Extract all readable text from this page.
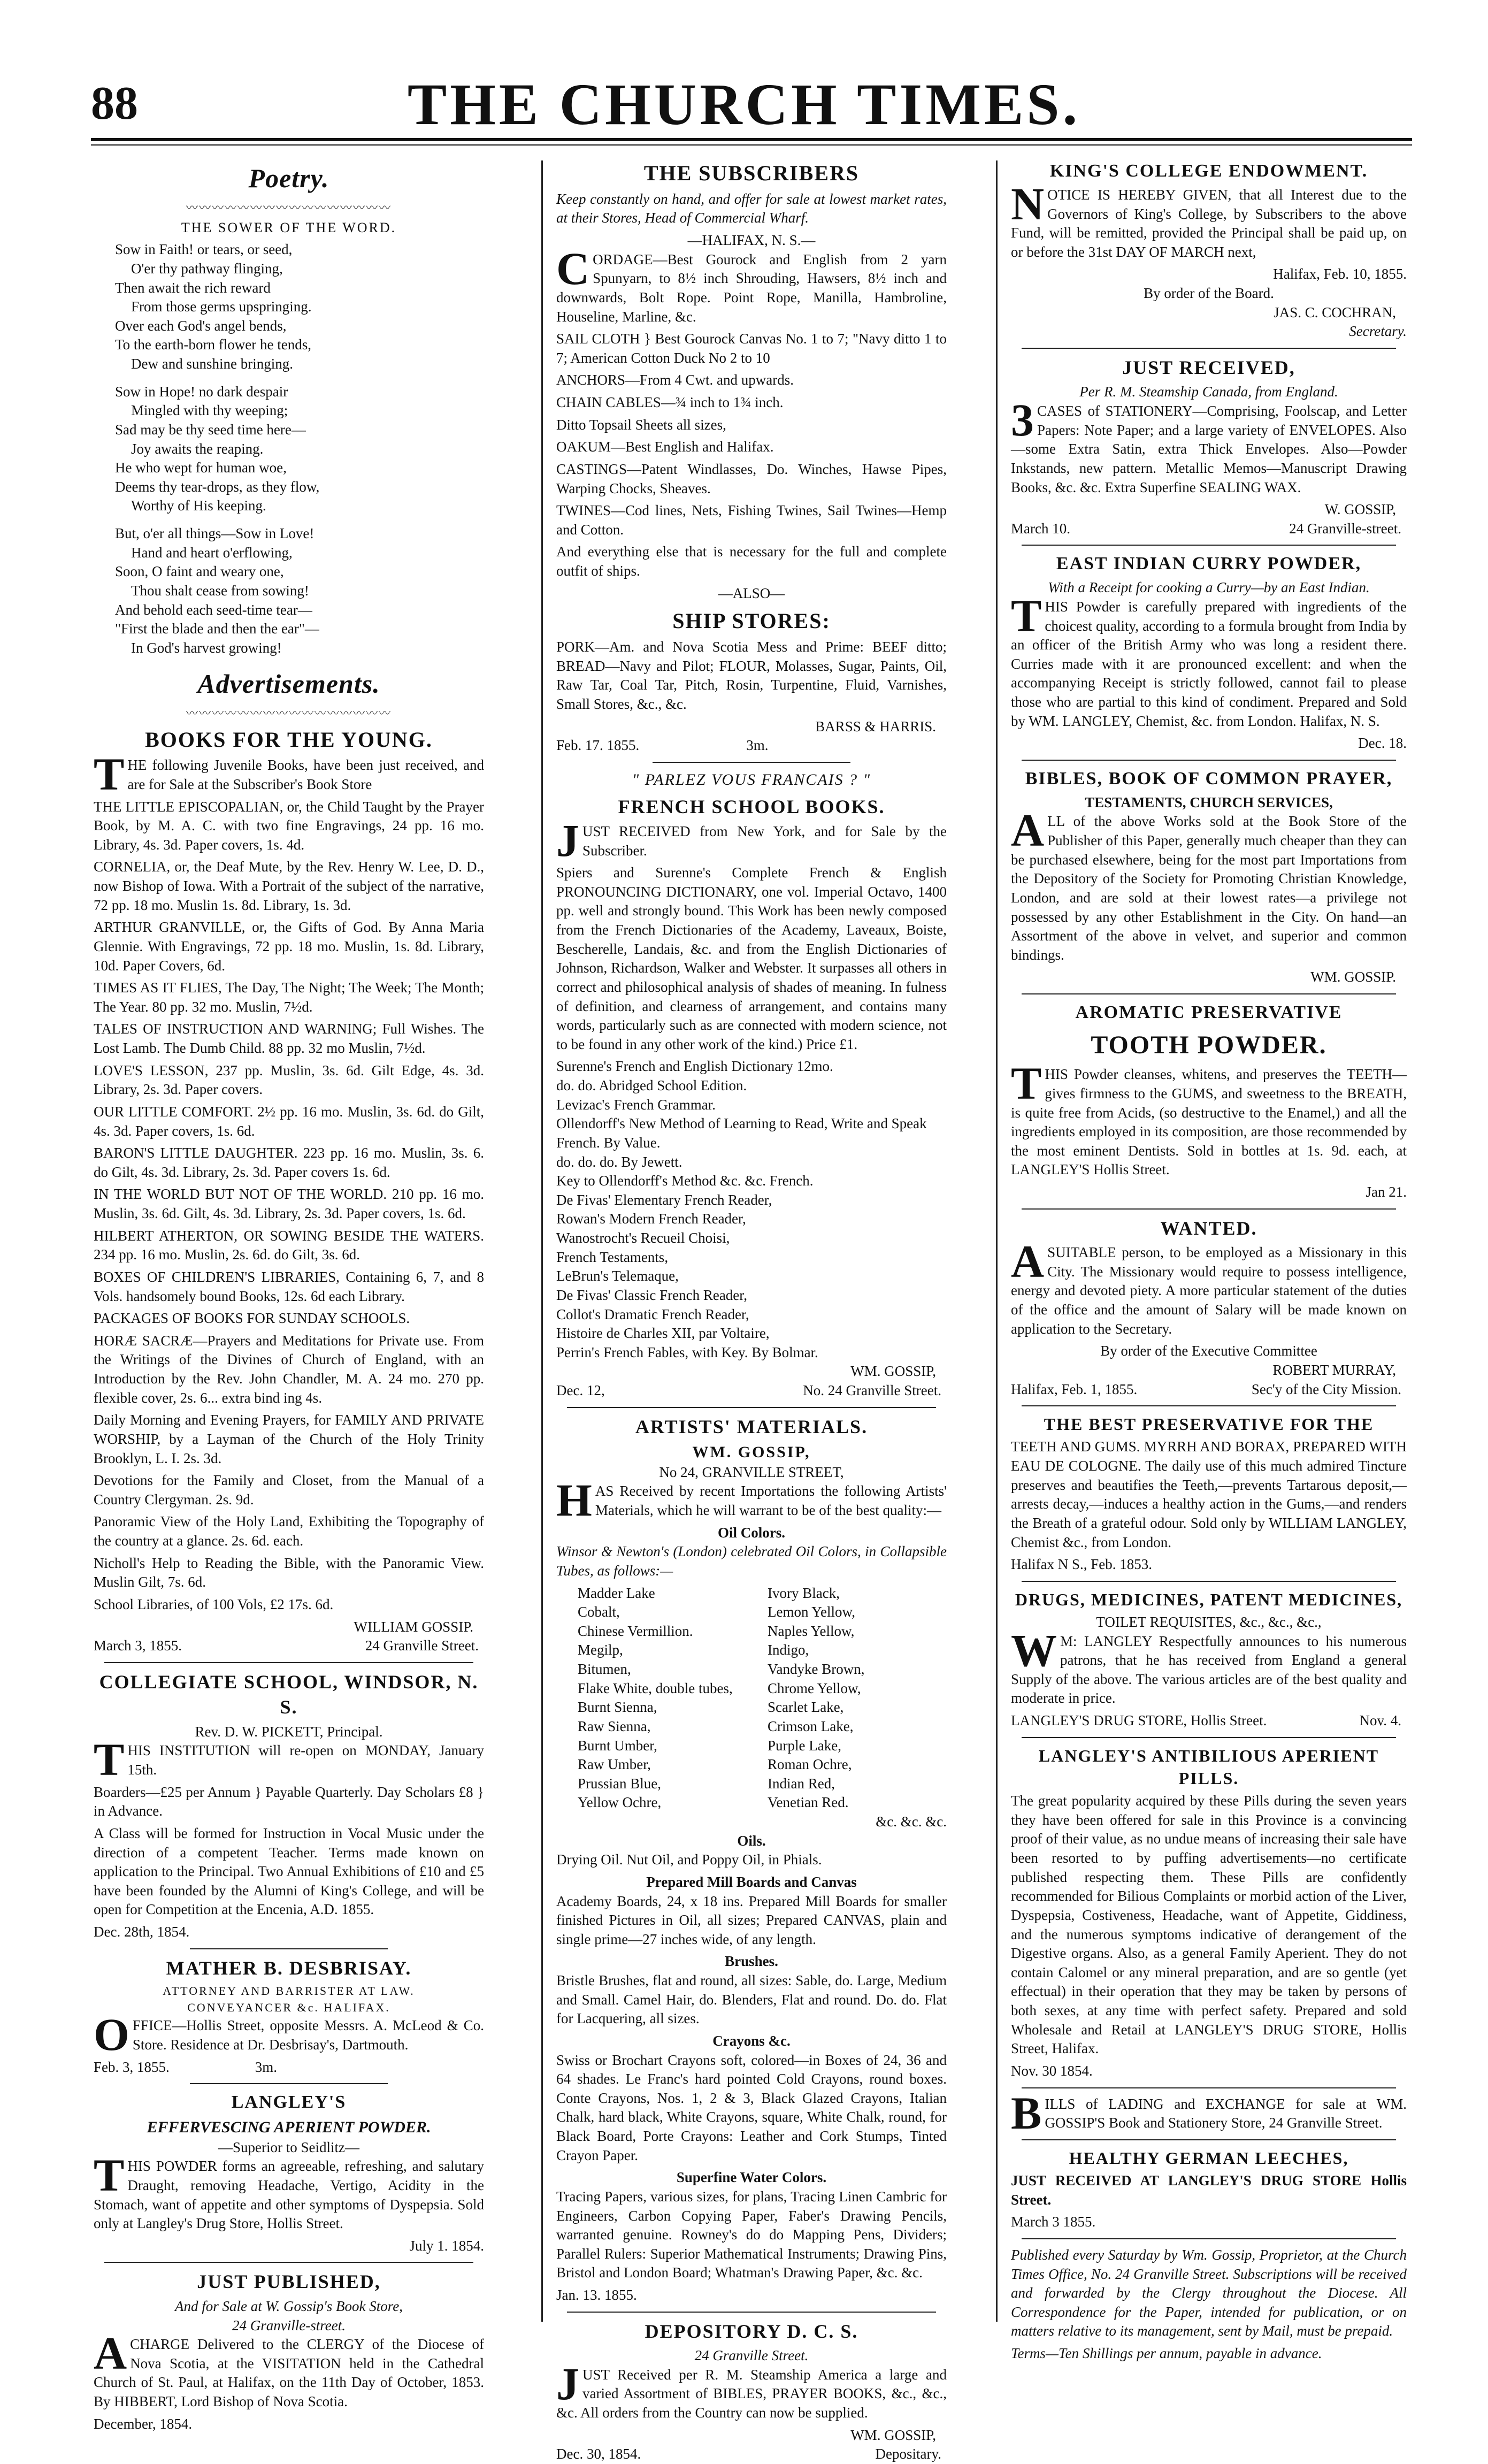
88	THE CHURCH TIMES.
Poetry.
〰〰〰〰〰〰〰〰〰〰〰〰〰〰〰〰
THE SOWER OF THE WORD.

Sow in Faith! or tears, or seed,

O'er thy pathway flinging,

Then await the rich reward

From those germs upspringing.

Over each God's angel bends,

To the earth-born flower he tends,

Dew and sunshine bringing.

Sow in Hope! no dark despair

Mingled with thy weeping;

Sad may be thy seed time here—

Joy awaits the reaping.

He who wept for human woe,

Deems thy tear-drops, as they flow,

Worthy of His keeping.

But, o'er all things—Sow in Love!

Hand and heart o'erflowing,

Soon, O faint and weary one,

Thou shalt cease from sowing!

And behold each seed-time tear—

"First the blade and then the ear"—

In God's harvest growing!

Advertisements.
〰〰〰〰〰〰〰〰〰〰〰〰〰〰〰〰
BOOKS FOR THE YOUNG.

THE following Juvenile Books, have been just received, and are for Sale at the Subscriber's Book Store

THE LITTLE EPISCOPALIAN, or, the Child Taught by the Prayer Book, by M. A. C. with two fine Engravings, 24 pp. 16 mo. Library, 4s. 3d. Paper covers, 1s. 4d.

CORNELIA, or, the Deaf Mute, by the Rev. Henry W. Lee, D. D., now Bishop of Iowa. With a Portrait of the subject of the narrative, 72 pp. 18 mo. Muslin 1s. 8d. Library, 1s. 3d.

ARTHUR GRANVILLE, or, the Gifts of God. By Anna Maria Glennie. With Engravings, 72 pp. 18 mo. Muslin, 1s. 8d. Library, 10d. Paper Covers, 6d.

TIMES AS IT FLIES, The Day, The Night; The Week; The Month; The Year. 80 pp. 32 mo. Muslin, 7½d.

TALES OF INSTRUCTION AND WARNING; Full Wishes. The Lost Lamb. The Dumb Child. 88 pp. 32 mo Muslin, 7½d.

LOVE'S LESSON, 237 pp. Muslin, 3s. 6d. Gilt Edge, 4s. 3d. Library, 2s. 3d. Paper covers.

OUR LITTLE COMFORT. 2½ pp. 16 mo. Muslin, 3s. 6d. do Gilt, 4s. 3d. Paper covers, 1s. 6d.

BARON'S LITTLE DAUGHTER. 223 pp. 16 mo. Muslin, 3s. 6. do Gilt, 4s. 3d. Library, 2s. 3d. Paper covers 1s. 6d.

IN THE WORLD BUT NOT OF THE WORLD. 210 pp. 16 mo. Muslin, 3s. 6d. Gilt, 4s. 3d. Library, 2s. 3d. Paper covers, 1s. 6d.

HILBERT ATHERTON, OR SOWING BESIDE THE WATERS. 234 pp. 16 mo. Muslin, 2s. 6d. do Gilt, 3s. 6d.

BOXES OF CHILDREN'S LIBRARIES, Containing 6, 7, and 8 Vols. handsomely bound Books, 12s. 6d each Library.

PACKAGES OF BOOKS FOR SUNDAY SCHOOLS.

HORÆ SACRÆ—Prayers and Meditations for Private use. From the Writings of the Divines of Church of England, with an Introduction by the Rev. John Chandler, M. A. 24 mo. 270 pp. flexible cover, 2s. 6... extra bind ing 4s.

Daily Morning and Evening Prayers, for FAMILY AND PRIVATE WORSHIP, by a Layman of the Church of the Holy Trinity Brooklyn, L. I. 2s. 3d.

Devotions for the Family and Closet, from the Manual of a Country Clergyman. 2s. 9d.

Panoramic View of the Holy Land, Exhibiting the Topography of the country at a glance. 2s. 6d. each.

Nicholl's Help to Reading the Bible, with the Panoramic View. Muslin Gilt, 7s. 6d.

School Libraries, of 100 Vols, £2 17s. 6d.

WILLIAM GOSSIP.

March 3, 1855.	24 Granville Street.
COLLEGIATE SCHOOL, WINDSOR, N. S.

Rev. D. W. PICKETT, Principal.

THIS INSTITUTION will re-open on MONDAY, January 15th.

Boarders—£25 per Annum } Payable Quarterly. Day Scholars £8 } in Advance.

A Class will be formed for Instruction in Vocal Music under the direction of a competent Teacher. Terms made known on application to the Principal. Two Annual Exhibitions of £10 and £5 have been founded by the Alumni of King's College, and will be open for Competition at the Encenia, A.D. 1855.

Dec. 28th, 1854.

MATHER B. DESBRISAY.

ATTORNEY AND BARRISTER AT LAW.

CONVEYANCER &c. HALIFAX.

OFFICE—Hollis Street, opposite Messrs. A. McLeod & Co. Store. Residence at Dr. Desbrisay's, Dartmouth.

Feb. 3, 1855.	3m.
LANGLEY'S

EFFERVESCING APERIENT POWDER.

—Superior to Seidlitz—

THIS POWDER forms an agreeable, refreshing, and salutary Draught, removing Headache, Vertigo, Acidity in the Stomach, want of appetite and other symptoms of Dyspepsia. Sold only at Langley's Drug Store, Hollis Street.

July 1. 1854.

JUST PUBLISHED,

And for Sale at W. Gossip's Book Store,

24 Granville-street.

ACHARGE Delivered to the CLERGY of the Diocese of Nova Scotia, at the VISITATION held in the Cathedral Church of St. Paul, at Halifax, on the 11th Day of October, 1853. By HIBBERT, Lord Bishop of Nova Scotia.

December, 1854.

THE SUBSCRIBERS

Keep constantly on hand, and offer for sale at lowest market rates, at their Stores, Head of Commercial Wharf.

—HALIFAX, N. S.—

CORDAGE—Best Gourock and English from 2 yarn Spunyarn, to 8½ inch Shrouding, Hawsers, 8½ inch and downwards, Bolt Rope. Point Rope, Manilla, Hambroline, Houseline, Marline, &c.

SAIL CLOTH } Best Gourock Canvas No. 1 to 7; "Navy ditto 1 to 7; American Cotton Duck No 2 to 10

ANCHORS—From 4 Cwt. and upwards.

CHAIN CABLES—¾ inch to 1¾ inch.

Ditto Topsail Sheets all sizes,

OAKUM—Best English and Halifax.

CASTINGS—Patent Windlasses, Do. Winches, Hawse Pipes, Warping Chocks, Sheaves.

TWINES—Cod lines, Nets, Fishing Twines, Sail Twines—Hemp and Cotton.

And everything else that is necessary for the full and complete outfit of ships.

—ALSO—

SHIP STORES:

PORK—Am. and Nova Scotia Mess and Prime: BEEF ditto; BREAD—Navy and Pilot; FLOUR, Molasses, Sugar, Paints, Oil, Raw Tar, Coal Tar, Pitch, Rosin, Turpentine, Fluid, Varnishes, Small Stores, &c., &c.

BARSS & HARRIS.

Feb. 17. 1855.	3m.

" PARLEZ VOUS FRANCAIS ? "

FRENCH SCHOOL BOOKS.

JUST RECEIVED from New York, and for Sale by the Subscriber.

Spiers and Surenne's Complete French & English PRONOUNCING DICTIONARY, one vol. Imperial Octavo, 1400 pp. well and strongly bound. This Work has been newly composed from the French Dictionaries of the Academy, Laveaux, Boiste, Bescherelle, Landais, &c. and from the English Dictionaries of Johnson, Richardson, Walker and Webster. It surpasses all others in correct and philosophical analysis of shades of meaning. In fulness of definition, and clearness of arrangement, and contains many words, particularly such as are connected with modern science, not to be found in any other work of the kind.) Price £1.

Surenne's French and English Dictionary 12mo.

do. do. Abridged School Edition.

Levizac's French Grammar.

Ollendorff's New Method of Learning to Read, Write and Speak French. By Value.

do. do. do. By Jewett.

Key to Ollendorff's Method &c. &c. French.

De Fivas' Elementary French Reader,

Rowan's Modern French Reader,

Wanostrocht's Recueil Choisi,

French Testaments,

LeBrun's Telemaque,

De Fivas' Classic French Reader,

Collot's Dramatic French Reader,

Histoire de Charles XII, par Voltaire,

Perrin's French Fables, with Key. By Bolmar.

WM. GOSSIP,

Dec. 12,	No. 24 Granville Street.
ARTISTS' MATERIALS.

WM. GOSSIP,

No 24, GRANVILLE STREET,

HAS Received by recent Importations the following Artists' Materials, which he will warrant to be of the best quality:—

Oil Colors.

Winsor & Newton's (London) celebrated Oil Colors, in Collapsible Tubes, as follows:—

Madder Lake	Ivory Black,
Cobalt,	Lemon Yellow,
Chinese Vermillion.	Naples Yellow,
Megilp,	Indigo,
Bitumen,	Vandyke Brown,
Flake White, double tubes,	Chrome Yellow,
Burnt Sienna,	Scarlet Lake,
Raw Sienna,	Crimson Lake,
Burnt Umber,	Purple Lake,
Raw Umber,	Roman Ochre,
Prussian Blue,	Indian Red,
Yellow Ochre,	Venetian Red.

&c. &c. &c.

Oils.

Drying Oil. Nut Oil, and Poppy Oil, in Phials.

Prepared Mill Boards and Canvas

Academy Boards, 24, x 18 ins. Prepared Mill Boards for smaller finished Pictures in Oil, all sizes; Prepared CANVAS, plain and single prime—27 inches wide, of any length.

Brushes.

Bristle Brushes, flat and round, all sizes: Sable, do. Large, Medium and Small. Camel Hair, do. Blenders, Flat and round. Do. do. Flat for Lacquering, all sizes.

Crayons &c.

Swiss or Brochart Crayons soft, colored—in Boxes of 24, 36 and 64 shades. Le Franc's hard pointed Cold Crayons, round boxes. Conte Crayons, Nos. 1, 2 & 3, Black Glazed Crayons, Italian Chalk, hard black, White Crayons, square, White Chalk, round, for Black Board, Porte Crayons: Leather and Cork Stumps, Tinted Crayon Paper.

Superfine Water Colors.

Tracing Papers, various sizes, for plans, Tracing Linen Cambric for Engineers, Carbon Copying Paper, Faber's Drawing Pencils, warranted genuine. Rowney's do do Mapping Pens, Dividers; Parallel Rulers: Superior Mathematical Instruments; Drawing Pins, Bristol and London Board; Whatman's Drawing Paper, &c. &c.

Jan. 13. 1855.

DEPOSITORY D. C. S.

24 Granville Street.

JUST Received per R. M. Steamship America a large and varied Assortment of BIBLES, PRAYER BOOKS, &c., &c., &c. All orders from the Country can now be supplied.

WM. GOSSIP,

Dec. 30, 1854.	Depositary.
KING'S COLLEGE ENDOWMENT.

NOTICE IS HEREBY GIVEN, that all Interest due to the Governors of King's College, by Subscribers to the above Fund, will be remitted, provided the Principal shall be paid up, on or before the 31st DAY OF MARCH next,

Halifax, Feb. 10, 1855.

By order of the Board.

JAS. C. COCHRAN,

Secretary.

JUST RECEIVED,

Per R. M. Steamship Canada, from England.

3CASES of STATIONERY—Comprising, Foolscap, and Letter Papers: Note Paper; and a large variety of ENVELOPES. Also—some Extra Satin, extra Thick Envelopes. Also—Powder Inkstands, new pattern. Metallic Memos—Manuscript Drawing Books, &c. &c. Extra Superfine SEALING WAX.

W. GOSSIP,

March 10.	24 Granville-street.
EAST INDIAN CURRY POWDER,

With a Receipt for cooking a Curry—by an East Indian.

THIS Powder is carefully prepared with ingredients of the choicest quality, according to a formula brought from India by an officer of the British Army who was long a resident there. Curries made with it are pronounced excellent: and when the accompanying Receipt is strictly followed, cannot fail to please those who are partial to this kind of condiment. Prepared and Sold by WM. LANGLEY, Chemist, &c. from London. Halifax, N. S.

Dec. 18.

BIBLES, BOOK OF COMMON PRAYER,

TESTAMENTS, CHURCH SERVICES,

ALL of the above Works sold at the Book Store of the Publisher of this Paper, generally much cheaper than they can be purchased elsewhere, being for the most part Importations from the Depository of the Society for Promoting Christian Knowledge, London, and are sold at their lowest rates—a privilege not possessed by any other Establishment in the City. On hand—an Assortment of the above in velvet, and superior and common bindings.

WM. GOSSIP.

AROMATIC PRESERVATIVE
TOOTH POWDER.

THIS Powder cleanses, whitens, and preserves the TEETH—gives firmness to the GUMS, and sweetness to the BREATH, is quite free from Acids, (so destructive to the Enamel,) and all the ingredients employed in its composition, are those recommended by the most eminent Dentists. Sold in bottles at 1s. 9d. each, at LANGLEY'S Hollis Street.

Jan 21.

WANTED.

ASUITABLE person, to be employed as a Missionary in this City. The Missionary would require to possess intelligence, energy and devoted piety. A more particular statement of the duties of the office and the amount of Salary will be made known on application to the Secretary.

By order of the Executive Committee

ROBERT MURRAY,

Halifax, Feb. 1, 1855.	Sec'y of the City Mission.
THE BEST PRESERVATIVE FOR THE

TEETH AND GUMS. MYRRH AND BORAX, PREPARED WITH EAU DE COLOGNE. The daily use of this much admired Tincture preserves and beautifies the Teeth,—prevents Tartarous deposit,—arrests decay,—induces a healthy action in the Gums,—and renders the Breath of a grateful odour. Sold only by WILLIAM LANGLEY, Chemist &c., from London.

Halifax N S., Feb. 1853.

DRUGS, MEDICINES, PATENT MEDICINES,

TOILET REQUISITES, &c., &c., &c.,

WM: LANGLEY Respectfully announces to his numerous patrons, that he has received from England a general Supply of the above. The various articles are of the best quality and moderate in price.

LANGLEY'S DRUG STORE, Hollis Street.	Nov. 4.
LANGLEY'S ANTIBILIOUS APERIENT PILLS.

The great popularity acquired by these Pills during the seven years they have been offered for sale in this Province is a convincing proof of their value, as no undue means of increasing their sale have been resorted to by puffing advertisements—no certificate published respecting them. These Pills are confidently recommended for Bilious Complaints or morbid action of the Liver, Dyspepsia, Costiveness, Headache, want of Appetite, Giddiness, and the numerous symptoms indicative of derangement of the Digestive organs. Also, as a general Family Aperient. They do not contain Calomel or any mineral preparation, and are so gentle (yet effectual) in their operation that they may be taken by persons of both sexes, at any time with perfect safety. Prepared and sold Wholesale and Retail at LANGLEY'S DRUG STORE, Hollis Street, Halifax.

Nov. 30 1854.

BILLS of LADING and EXCHANGE for sale at WM. GOSSIP'S Book and Stationery Store, 24 Granville Street.

HEALTHY GERMAN LEECHES,

JUST RECEIVED AT LANGLEY'S DRUG STORE Hollis Street.

March 3 1855.

Published every Saturday by Wm. Gossip, Proprietor, at the Church Times Office, No. 24 Granville Street. Subscriptions will be received and forwarded by the Clergy throughout the Diocese. All Correspondence for the Paper, intended for publication, or on matters relative to its management, sent by Mail, must be prepaid.

Terms—Ten Shillings per annum, payable in advance.
